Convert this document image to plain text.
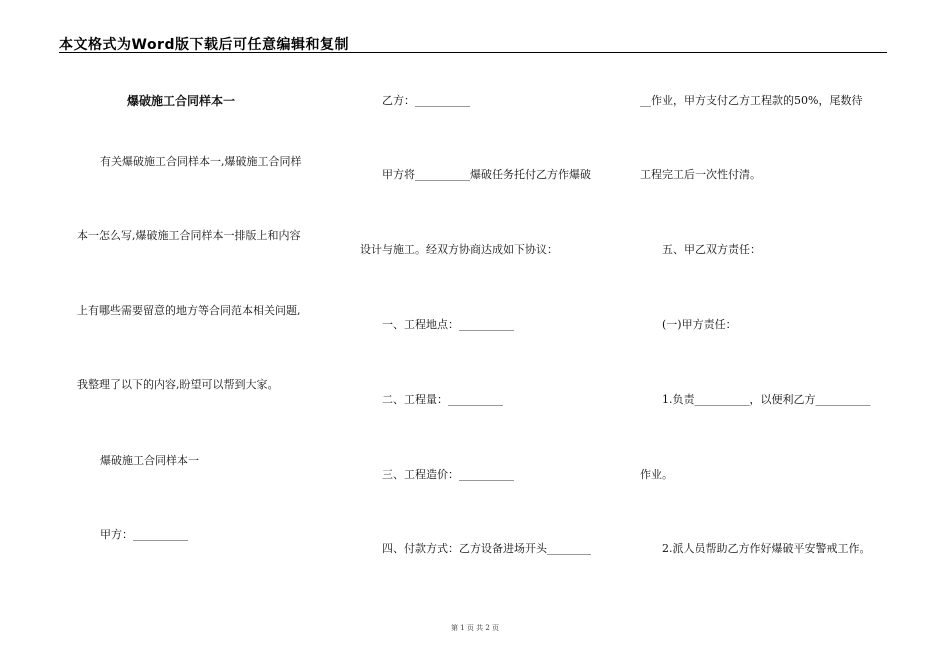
本文格式为Word版下载后可任意编辑和复制
爆破施工合同样本一
有关爆破施工合同样本一,爆破施工合同样
本一怎么写,爆破施工合同样本一排版上和内容
上有哪些需要留意的地方等合同范本相关问题,
我整理了以下的内容,盼望可以帮到大家。
爆破施工合同样本一
甲方：__________
乙方：__________
甲方将__________爆破任务托付乙方作爆破
设计与施工。经双方协商达成如下协议：
一、工程地点：__________
二、工程量：__________
三、工程造价：__________
四、付款方式：乙方设备进场开头________
__作业，甲方支付乙方工程款的50%，尾数待
工程完工后一次性付清。
五、甲乙双方责任：
(一)甲方责任：
1.负责__________，以便利乙方__________
作业。
2.派人员帮助乙方作好爆破平安警戒工作。
第 1 页 共 2 页
